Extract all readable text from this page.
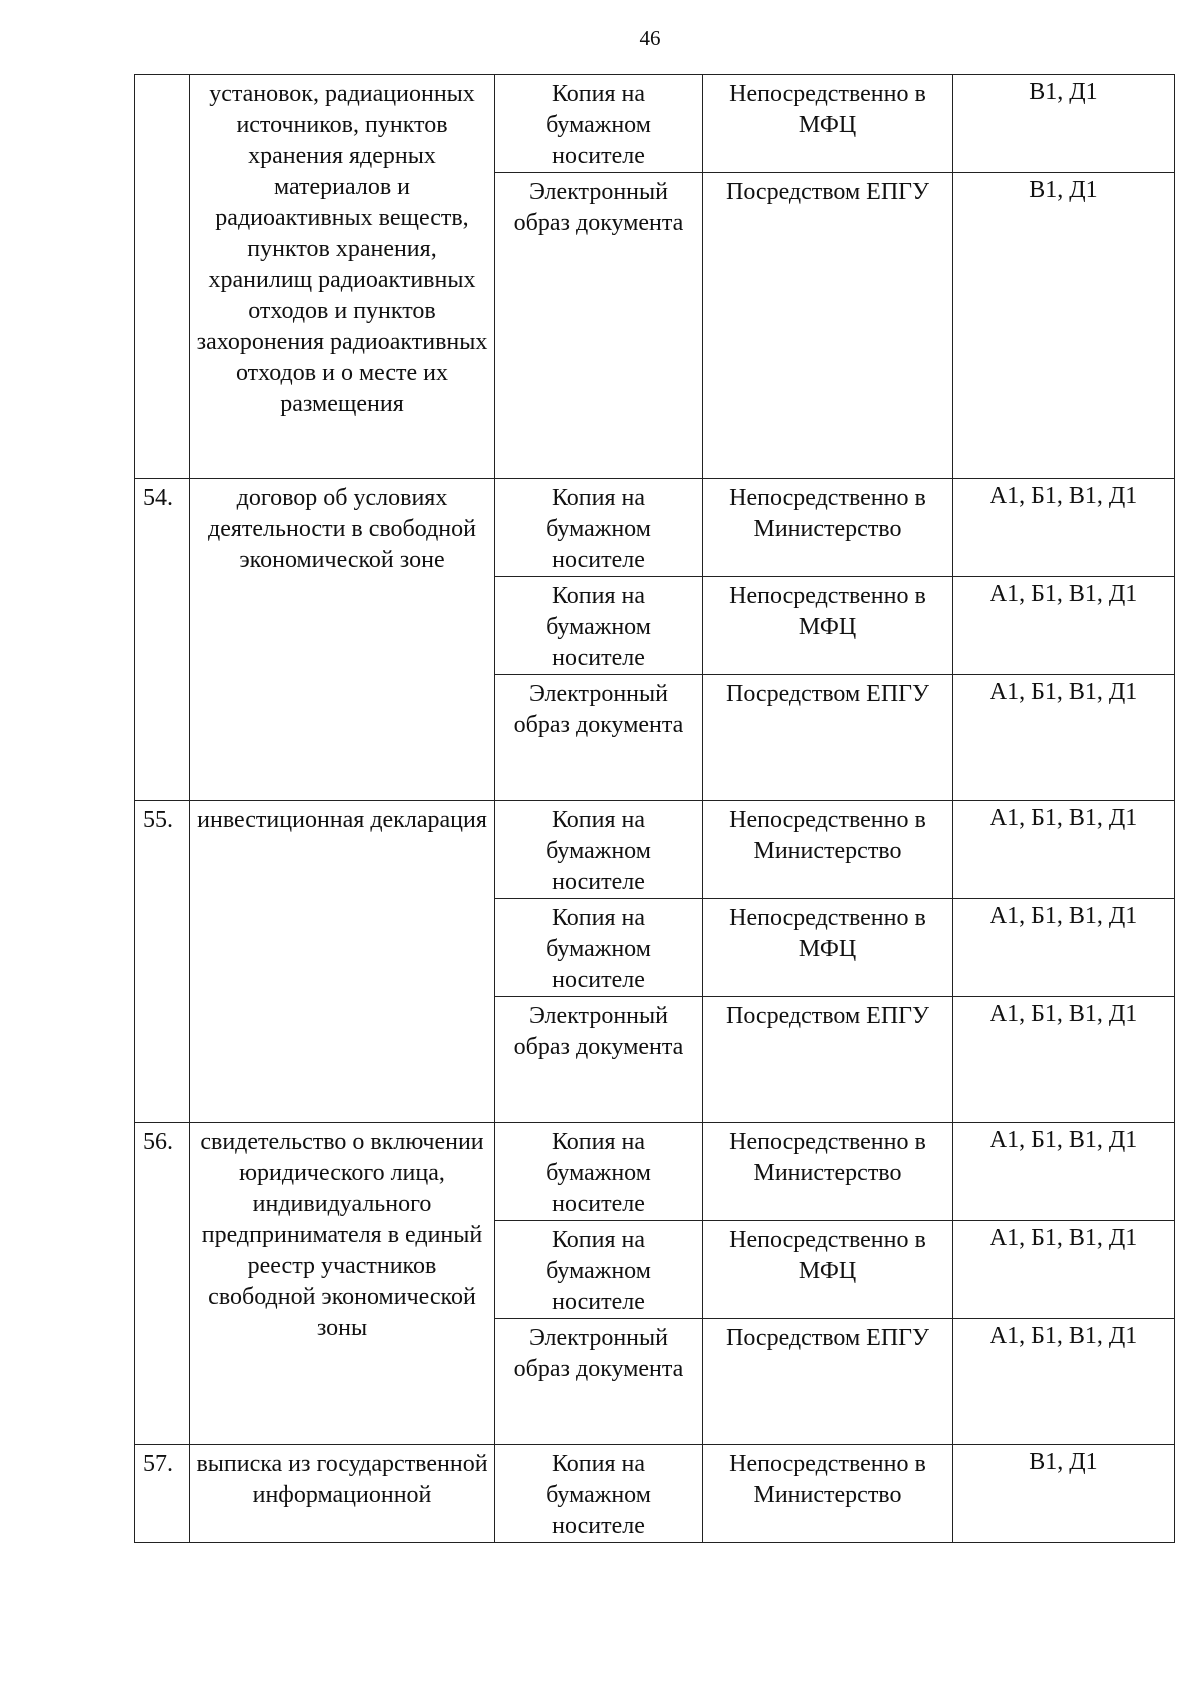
46
	установок, радиационных источников, пунктов хранения ядерных материалов и радиоактивных веществ, пунктов хранения, хранилищ радиоактивных отходов и пунктов захоронения радиоактивных отходов и о месте их размещения	Копия на бумажном носителе	Непосредственно в МФЦ	В1, Д1
		Электронный образ документа	Посредством ЕПГУ	В1, Д1
54.	договор об условиях деятельности в свободной экономической зоне	Копия на бумажном носителе	Непосредственно в Министерство	А1, Б1, В1, Д1
		Копия на бумажном носителе	Непосредственно в МФЦ	А1, Б1, В1, Д1
		Электронный образ документа	Посредством ЕПГУ	А1, Б1, В1, Д1
55.	инвестиционная декларация	Копия на бумажном носителе	Непосредственно в Министерство	А1, Б1, В1, Д1
		Копия на бумажном носителе	Непосредственно в МФЦ	А1, Б1, В1, Д1
		Электронный образ документа	Посредством ЕПГУ	А1, Б1, В1, Д1
56.	свидетельство о включении юридического лица, индивидуального предпринимателя в единый реестр участников свободной экономической зоны	Копия на бумажном носителе	Непосредственно в Министерство	А1, Б1, В1, Д1
		Копия на бумажном носителе	Непосредственно в МФЦ	А1, Б1, В1, Д1
		Электронный образ документа	Посредством ЕПГУ	А1, Б1, В1, Д1
57.	выписка из государственной информационной	Копия на бумажном носителе	Непосредственно в Министерство	В1, Д1
